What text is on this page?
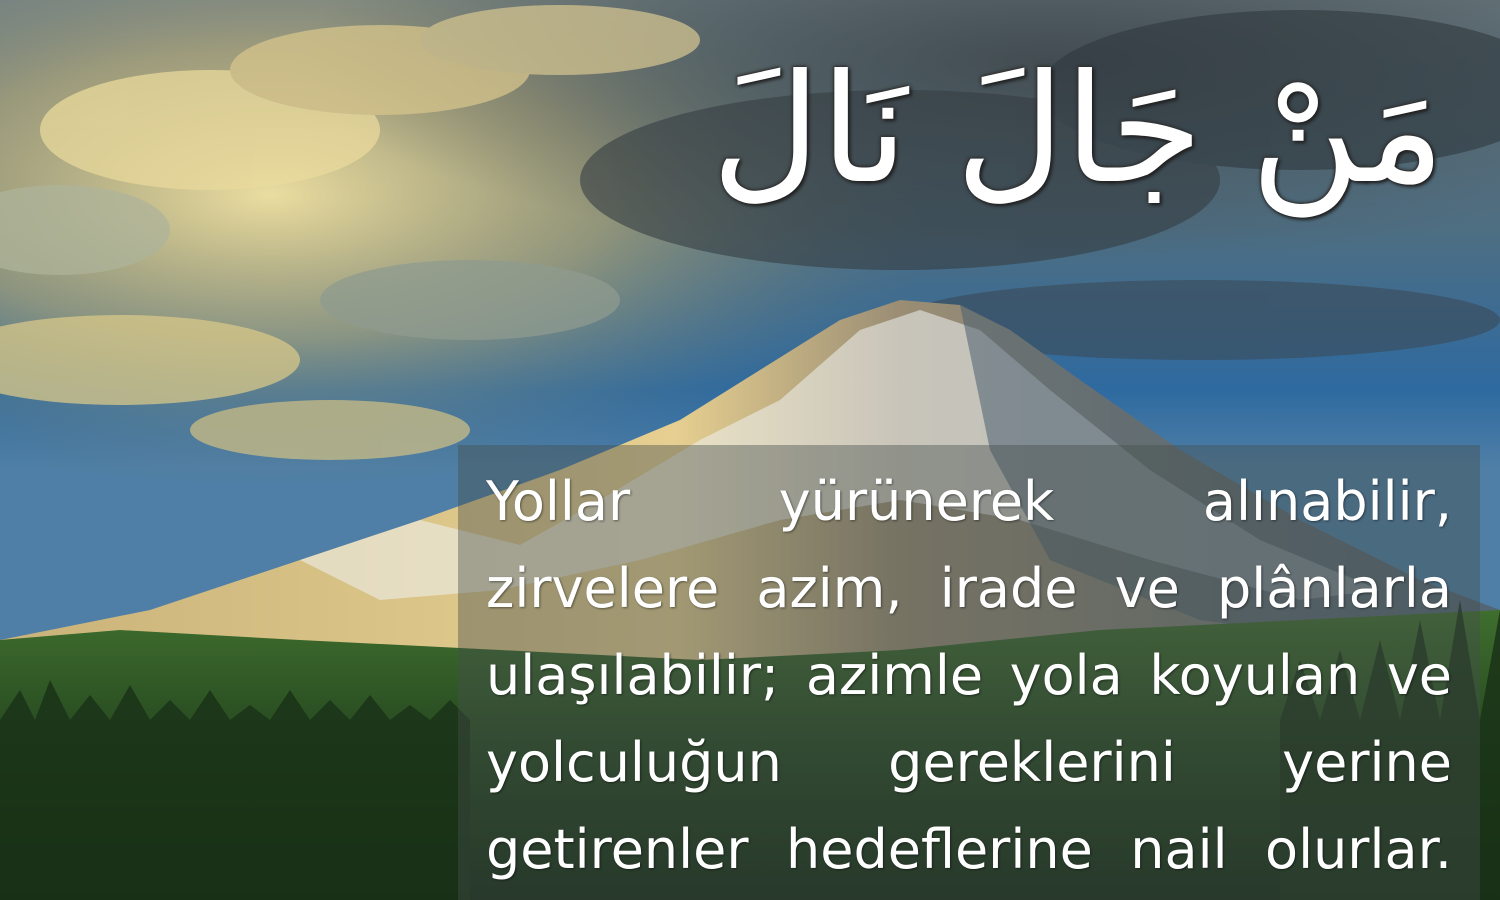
مَنْ جَالَ نَالَ
Yollar yürünerek alınabilir,
zirvelere azim, irade ve plânlarla
ulaşılabilir; azimle yola koyulan ve
yolculuğun gereklerini yerine
getirenler hedeflerine nail olurlar.
